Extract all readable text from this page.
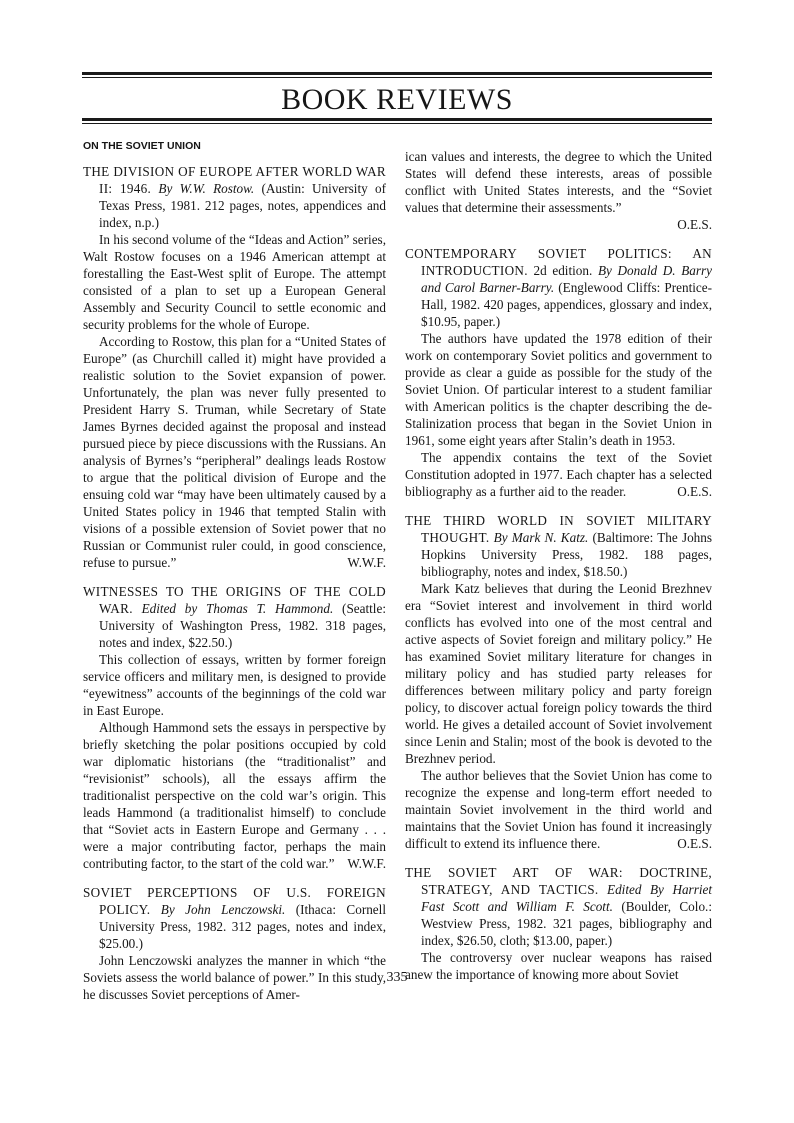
BOOK REVIEWS

ON THE SOVIET UNION

THE DIVISION OF EUROPE AFTER WORLD WAR II: 1946. By W.W. Rostow. (Austin: University of Texas Press, 1981. 212 pages, notes, appendices and index, n.p.)

In his second volume of the “Ideas and Action” series, Walt Rostow focuses on a 1946 American attempt at forestalling the East-West split of Europe. The attempt consisted of a plan to set up a European General Assembly and Security Council to settle economic and security problems for the whole of Europe.

According to Rostow, this plan for a “United States of Europe” (as Churchill called it) might have provided a realistic solution to the Soviet expansion of power. Unfortunately, the plan was never fully presented to President Harry S. Truman, while Secretary of State James Byrnes decided against the proposal and instead pursued piece by piece discussions with the Russians. An analysis of Byrnes’s “peripheral” dealings leads Rostow to argue that the political division of Europe and the ensuing cold war “may have been ultimately caused by a United States policy in 1946 that tempted Stalin with visions of a possible extension of Soviet power that no Russian or Communist ruler could, in good conscience, refuse to pursue.”	W.W.F.

WITNESSES TO THE ORIGINS OF THE COLD WAR. Edited by Thomas T. Hammond. (Seattle: University of Washington Press, 1982. 318 pages, notes and index, $22.50.)

This collection of essays, written by former foreign service officers and military men, is designed to provide “eyewitness” accounts of the beginnings of the cold war in East Europe.

Although Hammond sets the essays in perspective by briefly sketching the polar positions occupied by cold war diplomatic historians (the “traditionalist” and “revisionist” schools), all the essays affirm the traditionalist perspective on the cold war’s origin. This leads Hammond (a traditionalist himself) to conclude that “Soviet acts in Eastern Europe and Germany . . . were a major contributing factor, perhaps the main contributing factor, to the start of the cold war.” W.W.F.

SOVIET PERCEPTIONS OF U.S. FOREIGN POLICY. By John Lenczowski. (Ithaca: Cornell University Press, 1982. 312 pages, notes and index, $25.00.)

John Lenczowski analyzes the manner in which “the Soviets assess the world balance of power.” In this study, he discusses Soviet perceptions of Amer-

ican values and interests, the degree to which the United States will defend these interests, areas of possible conflict with United States interests, and the “Soviet values that determine their assessments.”

O.E.S.

CONTEMPORARY SOVIET POLITICS: AN INTRODUCTION. 2d edition. By Donald D. Barry and Carol Barner-Barry. (Englewood Cliffs: Prentice-Hall, 1982. 420 pages, appendices, glossary and index, $10.95, paper.)

The authors have updated the 1978 edition of their work on contemporary Soviet politics and government to provide as clear a guide as possible for the study of the Soviet Union. Of particular interest to a student familiar with American politics is the chapter describing the de-Stalinization process that began in the Soviet Union in 1961, some eight years after Stalin’s death in 1953.

The appendix contains the text of the Soviet Constitution adopted in 1977. Each chapter has a selected bibliography as a further aid to the reader.	O.E.S.

THE THIRD WORLD IN SOVIET MILITARY THOUGHT. By Mark N. Katz. (Baltimore: The Johns Hopkins University Press, 1982. 188 pages, bibliography, notes and index, $18.50.)

Mark Katz believes that during the Leonid Brezhnev era “Soviet interest and involvement in third world conflicts has evolved into one of the most central and active aspects of Soviet foreign and military policy.” He has examined Soviet military literature for changes in military policy and has studied party releases for differences between military policy and party foreign policy, to discover actual foreign policy towards the third world. He gives a detailed account of Soviet involvement since Lenin and Stalin; most of the book is devoted to the Brezhnev period.

The author believes that the Soviet Union has come to recognize the expense and long-term effort needed to maintain Soviet involvement in the third world and maintains that the Soviet Union has found it increasingly difficult to extend its influence there.	O.E.S.

THE SOVIET ART OF WAR: DOCTRINE, STRATEGY, AND TACTICS. Edited By Harriet Fast Scott and William F. Scott. (Boulder, Colo.: Westview Press, 1982. 321 pages, bibliography and index, $26.50, cloth; $13.00, paper.)

The controversy over nuclear weapons has raised anew the importance of knowing more about Soviet

335
